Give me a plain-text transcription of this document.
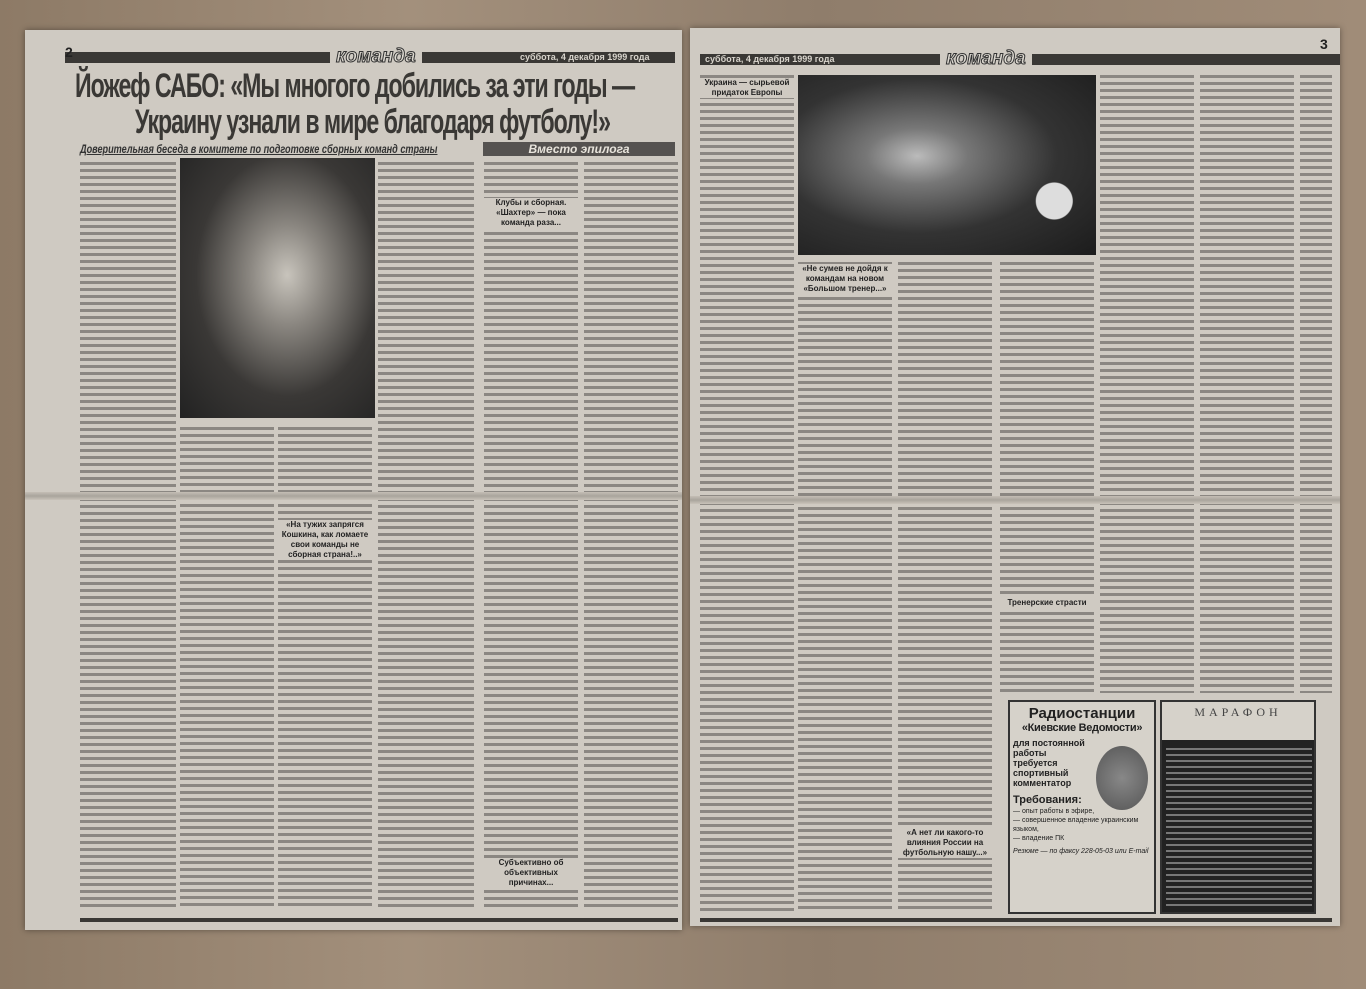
2	команда	суббота, 4 декабря 1999 года
Йожеф САБО: «Мы многого добились за эти годы —
Украину узнали в мире благодаря футболу!»
Доверительная беседа в комитете по подготовке сборных команд страны	Вместо эпилога
Клубы и сборная. «Шахтер» — пока команда раза...
«На тужих запрягся Кошкина, как ломаете свои команды не сборная страна!..»
Субъективно об объективных причинах...
суббота, 4 декабря 1999 года	команда
3
Украина — сырьевой придаток Европы
«Не сумев не дойдя к командам на новом «Большом тренер...»
«А нет ли какого-то влияния России на футбольную нашу...»
Тренерские страсти
Радиостанции
«Киевские Ведомости»
для постоянной работы требуется спортивный комментатор
Требования:
— опыт работы в эфире,
— совершенное владение украинским языком,
— владение ПК
Резюме — по факсу 228-05-03 или E-mail
МАРАФОН
